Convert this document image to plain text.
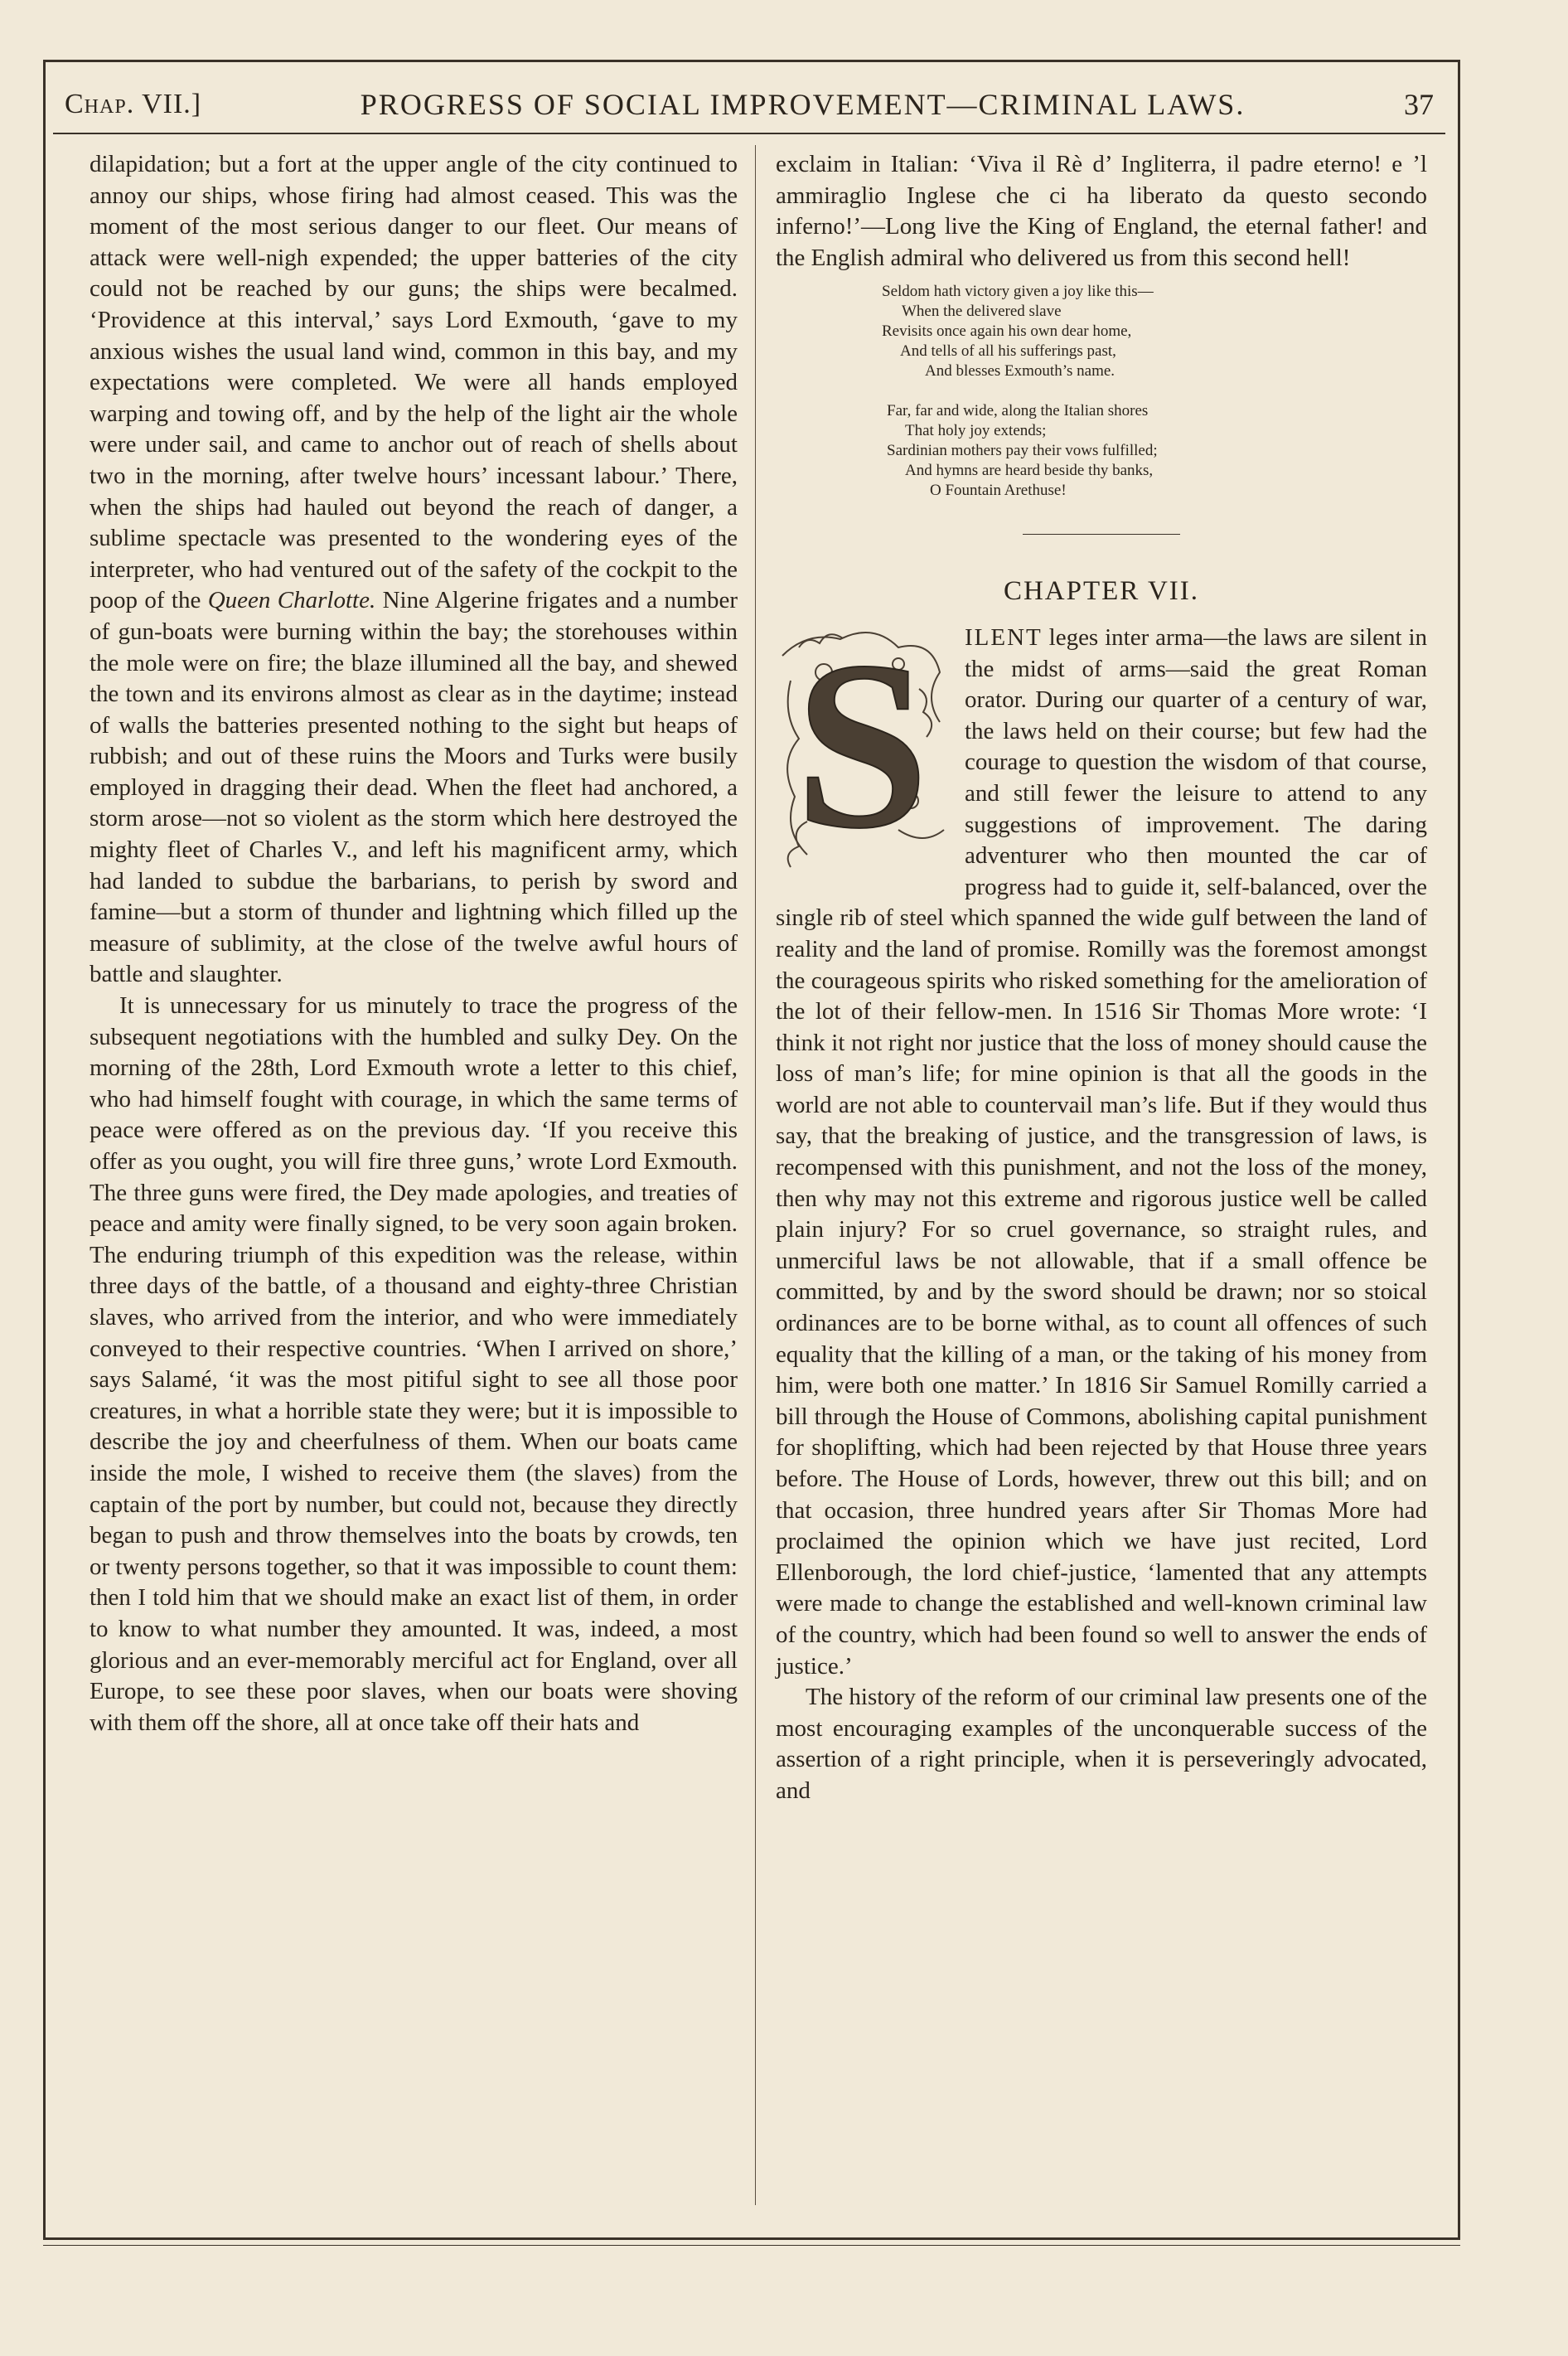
Chap. VII.]	PROGRESS OF SOCIAL IMPROVEMENT—CRIMINAL LAWS.	37

dilapidation; but a fort at the upper angle of the city continued to annoy our ships, whose firing had almost ceased. This was the moment of the most serious danger to our fleet. Our means of attack were well-nigh expended; the upper batteries of the city could not be reached by our guns; the ships were becalmed. ‘Providence at this interval,’ says Lord Exmouth, ‘gave to my anxious wishes the usual land wind, common in this bay, and my expectations were completed. We were all hands employed warping and towing off, and by the help of the light air the whole were under sail, and came to anchor out of reach of shells about two in the morning, after twelve hours’ incessant labour.’ There, when the ships had hauled out beyond the reach of danger, a sublime spectacle was presented to the wondering eyes of the interpreter, who had ventured out of the safety of the cockpit to the poop of the Queen Charlotte. Nine Algerine frigates and a number of gun-boats were burning within the bay; the storehouses within the mole were on fire; the blaze illumined all the bay, and shewed the town and its environs almost as clear as in the daytime; instead of walls the batteries presented nothing to the sight but heaps of rubbish; and out of these ruins the Moors and Turks were busily employed in dragging their dead. When the fleet had anchored, a storm arose—not so violent as the storm which here destroyed the mighty fleet of Charles V., and left his magnificent army, which had landed to subdue the barbarians, to perish by sword and famine—but a storm of thunder and lightning which filled up the measure of sublimity, at the close of the twelve awful hours of battle and slaughter.

It is unnecessary for us minutely to trace the progress of the subsequent negotiations with the humbled and sulky Dey. On the morning of the 28th, Lord Exmouth wrote a letter to this chief, who had himself fought with courage, in which the same terms of peace were offered as on the previous day. ‘If you receive this offer as you ought, you will fire three guns,’ wrote Lord Exmouth. The three guns were fired, the Dey made apologies, and treaties of peace and amity were finally signed, to be very soon again broken. The enduring triumph of this expedition was the release, within three days of the battle, of a thousand and eighty-three Christian slaves, who arrived from the interior, and who were immediately conveyed to their respective countries. ‘When I arrived on shore,’ says Salamé, ‘it was the most pitiful sight to see all those poor creatures, in what a horrible state they were; but it is impossible to describe the joy and cheerfulness of them. When our boats came inside the mole, I wished to receive them (the slaves) from the captain of the port by number, but could not, because they directly began to push and throw themselves into the boats by crowds, ten or twenty persons together, so that it was impossible to count them: then I told him that we should make an exact list of them, in order to know to what number they amounted. It was, indeed, a most glorious and an ever-memorably merciful act for England, over all Europe, to see these poor slaves, when our boats were shoving with them off the shore, all at once take off their hats and

exclaim in Italian: ‘Viva il Rè d’ Ingliterra, il padre eterno! e ’l ammiraglio Inglese che ci ha liberato da questo secondo inferno!’—Long live the King of England, the eternal father! and the English admiral who delivered us from this second hell!

Seldom hath victory given a joy like this—
When the delivered slave
Revisits once again his own dear home,
And tells of all his sufferings past,
And blesses Exmouth’s name.
Far, far and wide, along the Italian shores
That holy joy extends;
Sardinian mothers pay their vows fulfilled;
And hymns are heard beside thy banks,
O Fountain Arethuse!
CHAPTER VII.
S	ILENT leges inter arma—the laws are silent in the midst of arms—said the great Roman orator. During our quarter of a century of war, the laws held on their course; but few had the courage to question the wisdom of that course, and still fewer the leisure to attend to any suggestions of improvement. The daring adventurer who then mounted the car of progress had to guide it, self-balanced, over the single rib of steel which spanned the wide gulf between the land of reality and the land of promise. Romilly was the foremost amongst the courageous spirits who risked something for the amelioration of the lot of their fellow-men. In 1516 Sir Thomas More wrote: ‘I think it not right nor justice that the loss of money should cause the loss of man’s life; for mine opinion is that all the goods in the world are not able to countervail man’s life. But if they would thus say, that the breaking of justice, and the transgression of laws, is recompensed with this punishment, and not the loss of the money, then why may not this extreme and rigorous justice well be called plain injury? For so cruel governance, so straight rules, and unmerciful laws be not allowable, that if a small offence be committed, by and by the sword should be drawn; nor so stoical ordinances are to be borne withal, as to count all offences of such equality that the killing of a man, or the taking of his money from him, were both one matter.’ In 1816 Sir Samuel Romilly carried a bill through the House of Commons, abolishing capital punishment for shoplifting, which had been rejected by that House three years before. The House of Lords, however, threw out this bill; and on that occasion, three hundred years after Sir Thomas More had proclaimed the opinion which we have just recited, Lord Ellenborough, the lord chief-justice, ‘lamented that any attempts were made to change the established and well-known criminal law of the country, which had been found so well to answer the ends of justice.’

The history of the reform of our criminal law presents one of the most encouraging examples of the unconquerable success of the assertion of a right principle, when it is perseveringly advocated, and
